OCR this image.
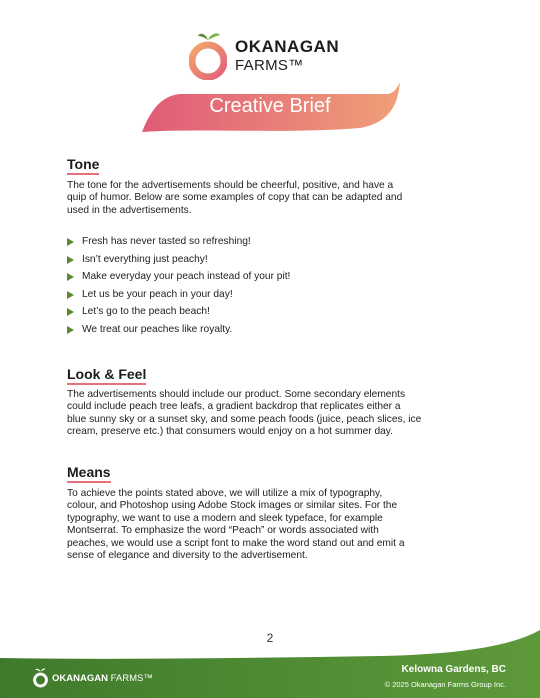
OKANAGAN
FARMS™
Creative Brief
Tone
The tone for the advertisements should be cheerful, positive, and have a
quip of humor. Below are some examples of copy that can be adapted and
used in the advertisements.
Fresh has never tasted so refreshing!
Isn’t everything just peachy!
Make everyday your peach instead of your pit!
Let us be your peach in your day!
Let’s go to the peach beach!
We treat our peaches like royalty.
Look & Feel
The advertisements should include our product. Some secondary elements
could include peach tree leafs, a gradient backdrop that replicates either a
blue sunny sky or a sunset sky, and some peach foods (juice, peach slices, ice
cream, preserve etc.) that consumers would enjoy on a hot summer day.
Means
To achieve the points stated above, we will utilize a mix of typography,
colour, and Photoshop using Adobe Stock images or similar sites. For the
typography, we want to use a modern and sleek typeface, for example
Montserrat. To emphasize the word “Peach” or words associated with
peaches, we would use a script font to make the word stand out and emit a
sense of elegance and diversity to the advertisement.
2
OKANAGAN FARMS™
Kelowna Gardens, BC
© 2025 Okanagan Farms Group Inc.
